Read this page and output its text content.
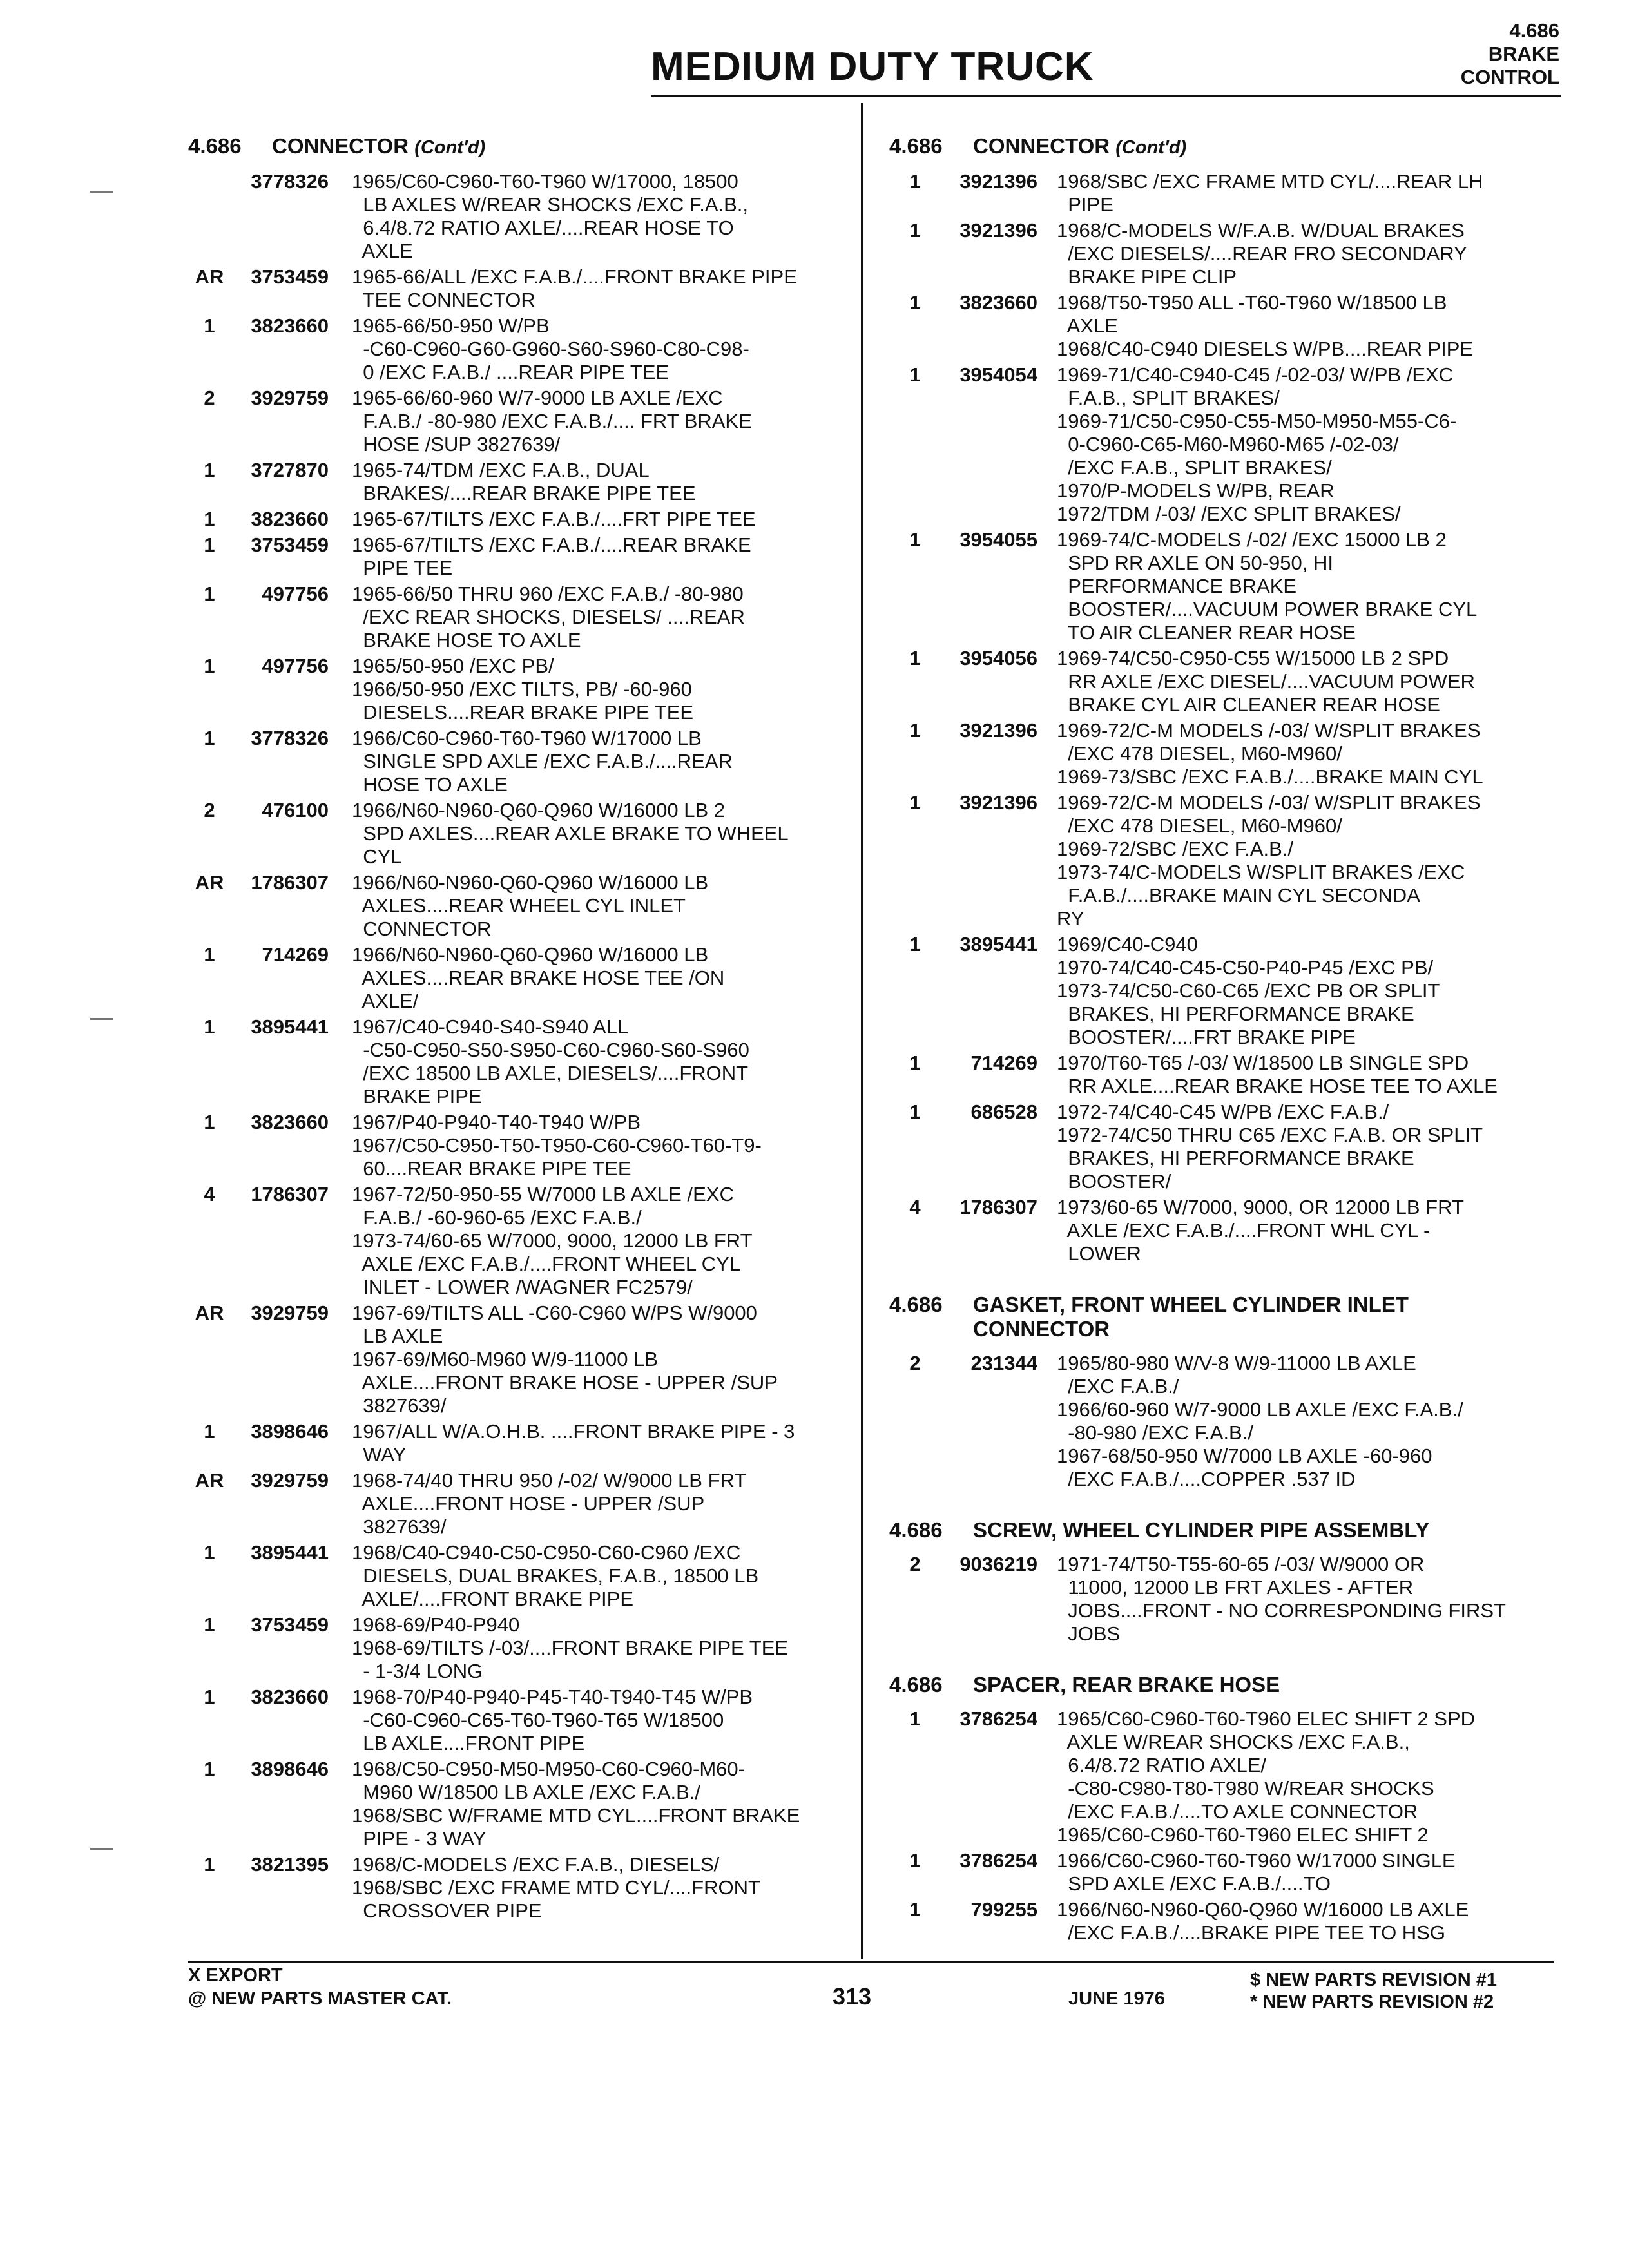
MEDIUM DUTY TRUCK
4.686
BRAKE
CONTROL
4.686	CONNECTOR (Cont'd)
3778326	1965/C60-C960-T60-T960 W/17000, 18500
LB AXLES W/REAR SHOCKS /EXC F.A.B.,
6.4/8.72 RATIO AXLE/....REAR HOSE TO
AXLE
AR	3753459	1965-66/ALL /EXC F.A.B./....FRONT BRAKE PIPE
TEE CONNECTOR
1	3823660	1965-66/50-950 W/PB
-C60-C960-G60-G960-S60-S960-C80-C98-
0 /EXC F.A.B./ ....REAR PIPE TEE
2	3929759	1965-66/60-960 W/7-9000 LB AXLE /EXC
F.A.B./ -80-980 /EXC F.A.B./.... FRT BRAKE
HOSE /SUP 3827639/
1	3727870	1965-74/TDM /EXC F.A.B., DUAL
BRAKES/....REAR BRAKE PIPE TEE
1	3823660	1965-67/TILTS /EXC F.A.B./....FRT PIPE TEE
1	3753459	1965-67/TILTS /EXC F.A.B./....REAR BRAKE
PIPE TEE
1	497756	1965-66/50 THRU 960 /EXC F.A.B./ -80-980
/EXC REAR SHOCKS, DIESELS/ ....REAR
BRAKE HOSE TO AXLE
1	497756	1965/50-950 /EXC PB/
1966/50-950 /EXC TILTS, PB/ -60-960
DIESELS....REAR BRAKE PIPE TEE
1	3778326	1966/C60-C960-T60-T960 W/17000 LB
SINGLE SPD AXLE /EXC F.A.B./....REAR
HOSE TO AXLE
2	476100	1966/N60-N960-Q60-Q960 W/16000 LB 2
SPD AXLES....REAR AXLE BRAKE TO WHEEL
CYL
AR	1786307	1966/N60-N960-Q60-Q960 W/16000 LB
AXLES....REAR WHEEL CYL INLET
CONNECTOR
1	714269	1966/N60-N960-Q60-Q960 W/16000 LB
AXLES....REAR BRAKE HOSE TEE /ON
AXLE/
1	3895441	1967/C40-C940-S40-S940 ALL
-C50-C950-S50-S950-C60-C960-S60-S960
/EXC 18500 LB AXLE, DIESELS/....FRONT
BRAKE PIPE
1	3823660	1967/P40-P940-T40-T940 W/PB
1967/C50-C950-T50-T950-C60-C960-T60-T9-
60....REAR BRAKE PIPE TEE
4	1786307	1967-72/50-950-55 W/7000 LB AXLE /EXC
F.A.B./ -60-960-65 /EXC F.A.B./
1973-74/60-65 W/7000, 9000, 12000 LB FRT
AXLE /EXC F.A.B./....FRONT WHEEL CYL
INLET - LOWER /WAGNER FC2579/
AR	3929759	1967-69/TILTS ALL -C60-C960 W/PS W/9000
LB AXLE
1967-69/M60-M960 W/9-11000 LB
AXLE....FRONT BRAKE HOSE - UPPER /SUP
3827639/
1	3898646	1967/ALL W/A.O.H.B. ....FRONT BRAKE PIPE - 3
WAY
AR	3929759	1968-74/40 THRU 950 /-02/ W/9000 LB FRT
AXLE....FRONT HOSE - UPPER /SUP
3827639/
1	3895441	1968/C40-C940-C50-C950-C60-C960 /EXC
DIESELS, DUAL BRAKES, F.A.B., 18500 LB
AXLE/....FRONT BRAKE PIPE
1	3753459	1968-69/P40-P940
1968-69/TILTS /-03/....FRONT BRAKE PIPE TEE
- 1-3/4 LONG
1	3823660	1968-70/P40-P940-P45-T40-T940-T45 W/PB
-C60-C960-C65-T60-T960-T65 W/18500
LB AXLE....FRONT PIPE
1	3898646	1968/C50-C950-M50-M950-C60-C960-M60-
M960 W/18500 LB AXLE /EXC F.A.B./
1968/SBC W/FRAME MTD CYL....FRONT BRAKE
PIPE - 3 WAY
1	3821395	1968/C-MODELS /EXC F.A.B., DIESELS/
1968/SBC /EXC FRAME MTD CYL/....FRONT
CROSSOVER PIPE
4.686	CONNECTOR (Cont'd)
1	3921396 1968/SBC /EXC FRAME MTD CYL/....REAR LH
PIPE
1	3921396 1968/C-MODELS W/F.A.B. W/DUAL BRAKES
/EXC DIESELS/....REAR FRO SECONDARY
BRAKE PIPE CLIP
1	3823660 1968/T50-T950 ALL -T60-T960 W/18500 LB
AXLE
1968/C40-C940 DIESELS W/PB....REAR PIPE
1	3954054 1969-71/C40-C940-C45 /-02-03/ W/PB /EXC
F.A.B., SPLIT BRAKES/
1969-71/C50-C950-C55-M50-M950-M55-C6-
0-C960-C65-M60-M960-M65 /-02-03/
/EXC F.A.B., SPLIT BRAKES/
1970/P-MODELS W/PB, REAR
1972/TDM /-03/ /EXC SPLIT BRAKES/
1	3954055 1969-74/C-MODELS /-02/ /EXC 15000 LB 2
SPD RR AXLE ON 50-950, HI
PERFORMANCE BRAKE
BOOSTER/....VACUUM POWER BRAKE CYL
TO AIR CLEANER REAR HOSE
1	3954056 1969-74/C50-C950-C55 W/15000 LB 2 SPD
RR AXLE /EXC DIESEL/....VACUUM POWER
BRAKE CYL AIR CLEANER REAR HOSE
1	3921396 1969-72/C-M MODELS /-03/ W/SPLIT BRAKES
/EXC 478 DIESEL, M60-M960/
1969-73/SBC /EXC F.A.B./....BRAKE MAIN CYL
1	3921396 1969-72/C-M MODELS /-03/ W/SPLIT BRAKES
/EXC 478 DIESEL, M60-M960/
1969-72/SBC /EXC F.A.B./
1973-74/C-MODELS W/SPLIT BRAKES /EXC
F.A.B./....BRAKE MAIN CYL SECONDA
RY
1	3895441 1969/C40-C940
1970-74/C40-C45-C50-P40-P45 /EXC PB/
1973-74/C50-C60-C65 /EXC PB OR SPLIT
BRAKES, HI PERFORMANCE BRAKE
BOOSTER/....FRT BRAKE PIPE
1	714269 1970/T60-T65 /-03/ W/18500 LB SINGLE SPD
RR AXLE....REAR BRAKE HOSE TEE TO AXLE
1	686528 1972-74/C40-C45 W/PB /EXC F.A.B./
1972-74/C50 THRU C65 /EXC F.A.B. OR SPLIT
BRAKES, HI PERFORMANCE BRAKE
BOOSTER/
4	1786307 1973/60-65 W/7000, 9000, OR 12000 LB FRT
AXLE /EXC F.A.B./....FRONT WHL CYL -
LOWER
4.686	GASKET, FRONT WHEEL CYLINDER INLET
CONNECTOR
2	231344 1965/80-980 W/V-8 W/9-11000 LB AXLE
/EXC F.A.B./
1966/60-960 W/7-9000 LB AXLE /EXC F.A.B./
-80-980 /EXC F.A.B./
1967-68/50-950 W/7000 LB AXLE -60-960
/EXC F.A.B./....COPPER .537 ID
4.686	SCREW, WHEEL CYLINDER PIPE ASSEMBLY
2	9036219 1971-74/T50-T55-60-65 /-03/ W/9000 OR
11000, 12000 LB FRT AXLES - AFTER
JOBS....FRONT - NO CORRESPONDING FIRST
JOBS
4.686	SPACER, REAR BRAKE HOSE
1	3786254 1965/C60-C960-T60-T960 ELEC SHIFT 2 SPD
AXLE W/REAR SHOCKS /EXC F.A.B.,
6.4/8.72 RATIO AXLE/
-C80-C980-T80-T980 W/REAR SHOCKS
/EXC F.A.B./....TO AXLE CONNECTOR
1965/C60-C960-T60-T960 ELEC SHIFT 2
1	3786254 1966/C60-C960-T60-T960 W/17000 SINGLE
SPD AXLE /EXC F.A.B./....TO
1	799255 1966/N60-N960-Q60-Q960 W/16000 LB AXLE
/EXC F.A.B./....BRAKE PIPE TEE TO HSG
X EXPORT
@ NEW PARTS MASTER CAT.	313	JUNE 1976
$ NEW PARTS REVISION #1
* NEW PARTS REVISION #2
